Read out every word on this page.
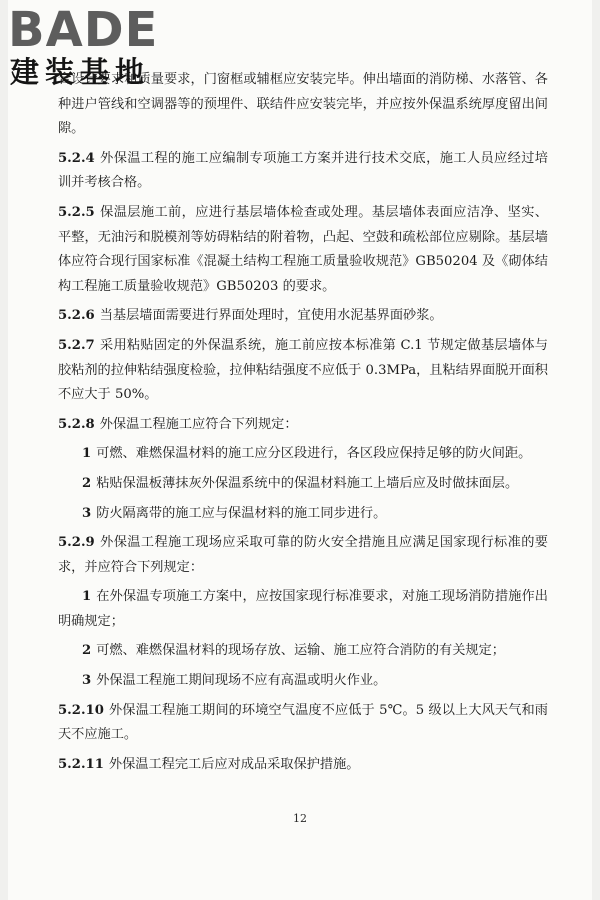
BADE
建装基地

合设计要求和质量要求，门窗框或辅框应安装完毕。伸出墙面的消防梯、水落管、各种进户管线和空调器等的预埋件、联结件应安装完毕，并应按外保温系统厚度留出间隙。

5.2.4 外保温工程的施工应编制专项施工方案并进行技术交底，施工人员应经过培训并考核合格。

5.2.5 保温层施工前，应进行基层墙体检查或处理。基层墙体表面应洁净、坚实、平整，无油污和脱模剂等妨碍粘结的附着物，凸起、空鼓和疏松部位应剔除。基层墙体应符合现行国家标准《混凝土结构工程施工质量验收规范》GB50204 及《砌体结构工程施工质量验收规范》GB50203 的要求。

5.2.6 当基层墙面需要进行界面处理时，宜使用水泥基界面砂浆。

5.2.7 采用粘贴固定的外保温系统，施工前应按本标准第 C.1 节规定做基层墙体与胶粘剂的拉伸粘结强度检验，拉伸粘结强度不应低于 0.3MPa，且粘结界面脱开面积不应大于 50%。

5.2.8 外保温工程施工应符合下列规定：

1 可燃、难燃保温材料的施工应分区段进行，各区段应保持足够的防火间距。

2 粘贴保温板薄抹灰外保温系统中的保温材料施工上墙后应及时做抹面层。

3 防火隔离带的施工应与保温材料的施工同步进行。

5.2.9 外保温工程施工现场应采取可靠的防火安全措施且应满足国家现行标准的要求，并应符合下列规定：

1 在外保温专项施工方案中，应按国家现行标准要求，对施工现场消防措施作出明确规定；

2 可燃、难燃保温材料的现场存放、运输、施工应符合消防的有关规定；

3 外保温工程施工期间现场不应有高温或明火作业。

5.2.10 外保温工程施工期间的环境空气温度不应低于 5℃。5 级以上大风天气和雨天不应施工。

5.2.11 外保温工程完工后应对成品采取保护措施。

12
